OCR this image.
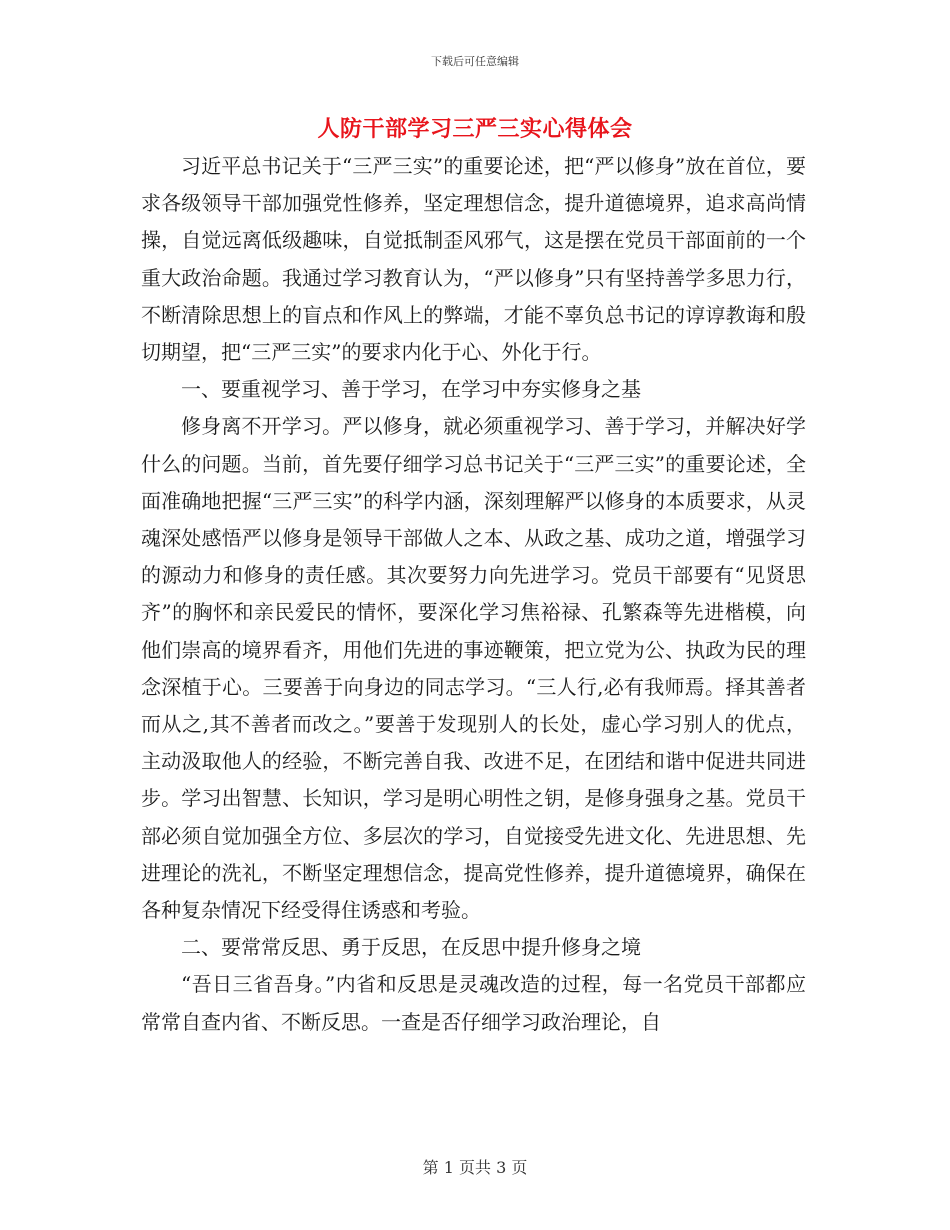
下载后可任意编辑
人防干部学习三严三实心得体会

习近平总书记关于“三严三实”的重要论述，把“严以修身”放在首位，要求各级领导干部加强党性修养，坚定理想信念，提升道德境界，追求高尚情操，自觉远离低级趣味，自觉抵制歪风邪气，这是摆在党员干部面前的一个重大政治命题。我通过学习教育认为，“严以修身”只有坚持善学多思力行，不断清除思想上的盲点和作风上的弊端，才能不辜负总书记的谆谆教诲和殷切期望，把“三严三实”的要求内化于心、外化于行。

一、要重视学习、善于学习，在学习中夯实修身之基

修身离不开学习。严以修身，就必须重视学习、善于学习，并解决好学什么的问题。当前，首先要仔细学习总书记关于“三严三实”的重要论述，全面准确地把握“三严三实”的科学内涵，深刻理解严以修身的本质要求，从灵魂深处感悟严以修身是领导干部做人之本、从政之基、成功之道，增强学习的源动力和修身的责任感。其次要努力向先进学习。党员干部要有“见贤思齐”的胸怀和亲民爱民的情怀，要深化学习焦裕禄、孔繁森等先进楷模，向他们崇高的境界看齐，用他们先进的事迹鞭策，把立党为公、执政为民的理念深植于心。三要善于向身边的同志学习。“三人行,必有我师焉。择其善者而从之,其不善者而改之。”要善于发现别人的长处，虚心学习别人的优点，主动汲取他人的经验，不断完善自我、改进不足，在团结和谐中促进共同进步。学习出智慧、长知识，学习是明心明性之钥，是修身强身之基。党员干部必须自觉加强全方位、多层次的学习，自觉接受先进文化、先进思想、先进理论的洗礼，不断坚定理想信念，提高党性修养，提升道德境界，确保在各种复杂情况下经受得住诱惑和考验。

二、要常常反思、勇于反思，在反思中提升修身之境

“吾日三省吾身。”内省和反思是灵魂改造的过程，每一名党员干部都应常常自查内省、不断反思。一查是否仔细学习政治理论，自

第 1 页共 3 页
